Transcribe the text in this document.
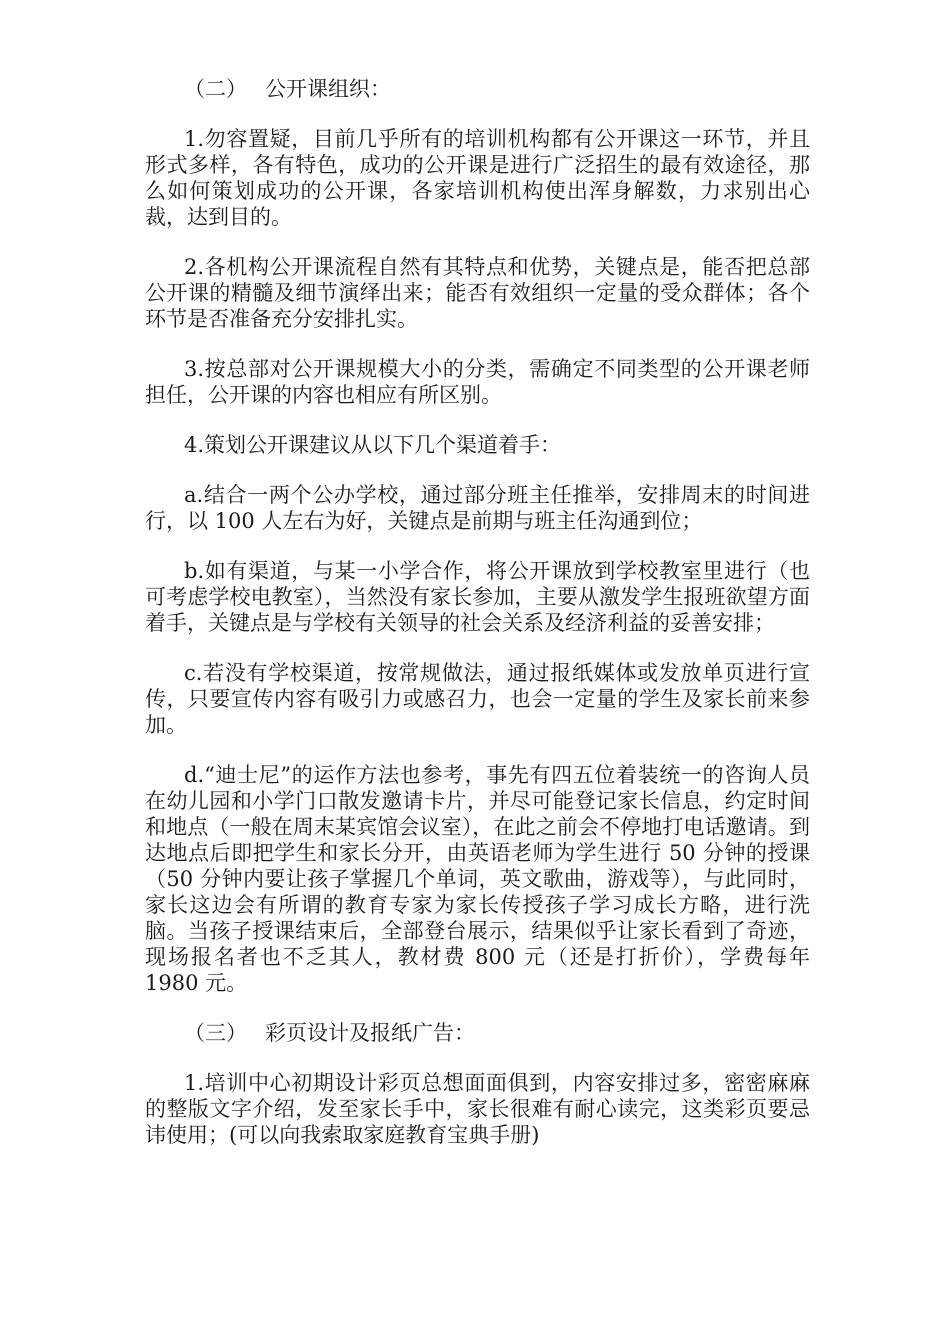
（二） 公开课组织：

1.勿容置疑，目前几乎所有的培训机构都有公开课这一环节，并且形式多样，各有特色，成功的公开课是进行广泛招生的最有效途径，那么如何策划成功的公开课，各家培训机构使出浑身解数，力求别出心裁，达到目的。

2.各机构公开课流程自然有其特点和优势，关键点是，能否把总部公开课的精髓及细节演绎出来；能否有效组织一定量的受众群体；各个环节是否准备充分安排扎实。

3.按总部对公开课规模大小的分类，需确定不同类型的公开课老师担任，公开课的内容也相应有所区别。

4.策划公开课建议从以下几个渠道着手：

a.结合一两个公办学校，通过部分班主任推举，安排周末的时间进行，以 100 人左右为好，关键点是前期与班主任沟通到位；

b.如有渠道，与某一小学合作，将公开课放到学校教室里进行（也可考虑学校电教室），当然没有家长参加，主要从激发学生报班欲望方面着手，关键点是与学校有关领导的社会关系及经济利益的妥善安排；

c.若没有学校渠道，按常规做法，通过报纸媒体或发放单页进行宣传，只要宣传内容有吸引力或感召力，也会一定量的学生及家长前来参加。

d.“迪士尼”的运作方法也参考，事先有四五位着装统一的咨询人员在幼儿园和小学门口散发邀请卡片，并尽可能登记家长信息，约定时间和地点（一般在周末某宾馆会议室），在此之前会不停地打电话邀请。到达地点后即把学生和家长分开，由英语老师为学生进行 50 分钟的授课（50 分钟内要让孩子掌握几个单词，英文歌曲，游戏等），与此同时，家长这边会有所谓的教育专家为家长传授孩子学习成长方略，进行洗脑。当孩子授课结束后，全部登台展示，结果似乎让家长看到了奇迹，现场报名者也不乏其人，教材费 800 元（还是打折价），学费每年 1980 元。

（三） 彩页设计及报纸广告：

1.培训中心初期设计彩页总想面面俱到，内容安排过多，密密麻麻的整版文字介绍，发至家长手中，家长很难有耐心读完，这类彩页要忌讳使用；(可以向我索取家庭教育宝典手册)
